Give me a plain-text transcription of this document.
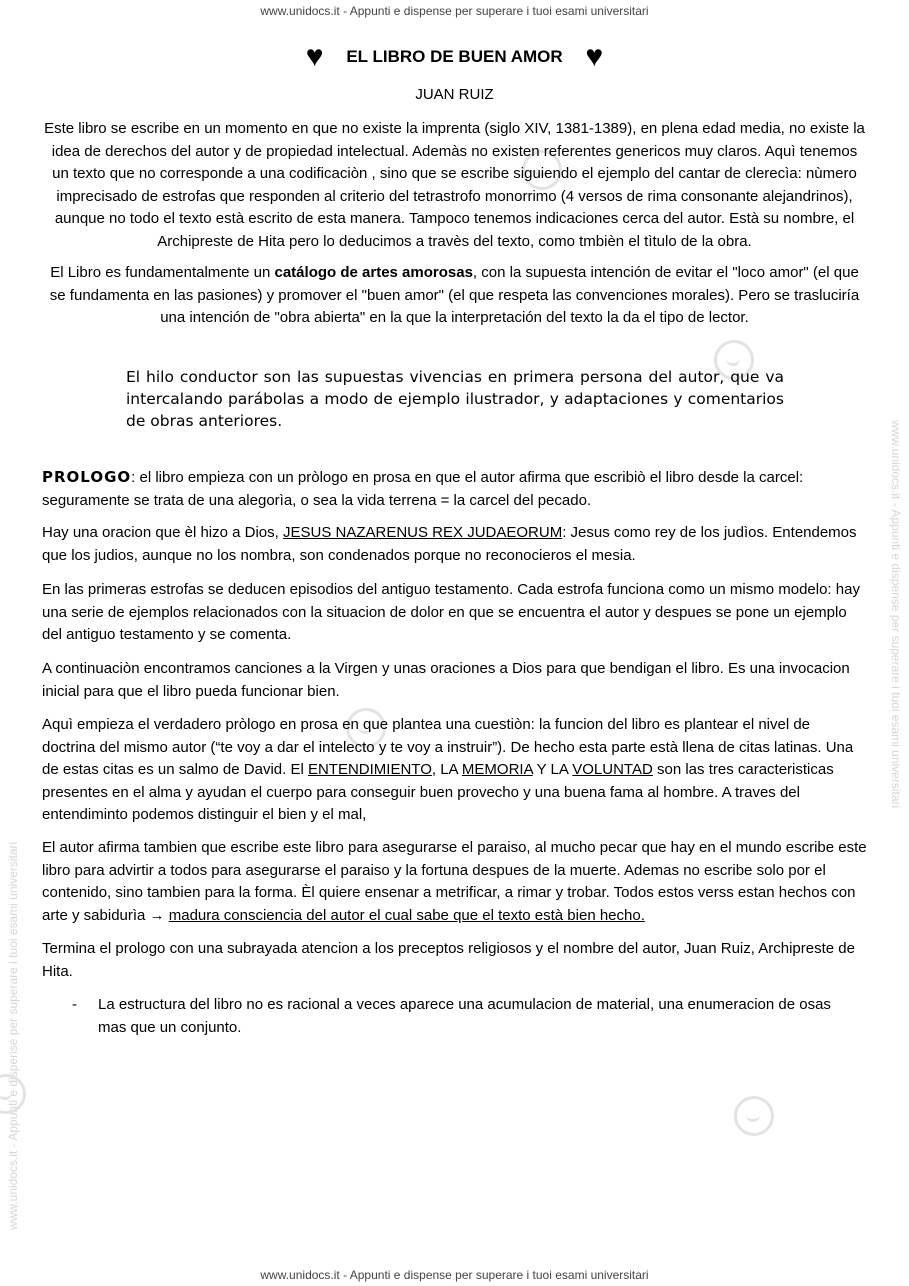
www.unidocs.it - Appunti e dispense per superare i tuoi esami universitari
www.unidocs.it - Appunti e dispense per superare i tuoi esami universitari
www.unidocs.it - Appunti e dispense per superare i tuoi esami universitari
♥ EL LIBRO DE BUEN AMOR ♥
JUAN RUIZ
Este libro se escribe en un momento en que no existe la imprenta (siglo XIV, 1381-1389), en plena edad media, no existe la idea de derechos del autor y de propiedad intelectual. Ademàs no existen referentes genericos muy claros. Aquì tenemos un texto que no corresponde a una codificaciòn , sino que se escribe siguiendo el ejemplo del cantar de clerecìa: nùmero imprecisado de estrofas que responden al criterio del tetrastrofo monorrimo (4 versos de rima consonante alejandrinos), aunque no todo el texto està escrito de esta manera. Tampoco tenemos indicaciones cerca del autor. Està su nombre, el Archipreste de Hita pero lo deducimos a travès del texto, como tmbièn el tìtulo de la obra.
El Libro es fundamentalmente un catálogo de artes amorosas, con la supuesta intención de evitar el "loco amor" (el que se fundamenta en las pasiones) y promover el "buen amor" (el que respeta las convenciones morales). Pero se trasluciría una intención de "obra abierta" en la que la interpretación del texto la da el tipo de lector.
El hilo conductor son las supuestas vivencias en primera persona del autor, que va intercalando parábolas a modo de ejemplo ilustrador, y adaptaciones y comentarios de obras anteriores.
PROLOGO: el libro empieza con un pròlogo en prosa en que el autor afirma que escribiò el libro desde la carcel: seguramente se trata de una alegorìa, o sea la vida terrena = la carcel del pecado.
Hay una oracion que èl hizo a Dios, JESUS NAZARENUS REX JUDAEORUM: Jesus como rey de los judìos. Entendemos que los judios, aunque no los nombra, son condenados porque no reconocieros el mesia.
En las primeras estrofas se deducen episodios del antiguo testamento. Cada estrofa funciona como un mismo modelo: hay una serie de ejemplos relacionados con la situacion de dolor en que se encuentra el autor y despues se pone un ejemplo del antiguo testamento y se comenta.
A continuaciòn encontramos canciones a la Virgen y unas oraciones a Dios para que bendigan el libro. Es una invocacion inicial para que el libro pueda funcionar bien.
Aquì empieza el verdadero pròlogo en prosa en que plantea una cuestiòn: la funcion del libro es plantear el nivel de doctrina del mismo autor (“te voy a dar el intelecto y te voy a instruir”). De hecho esta parte està llena de citas latinas. Una de estas citas es un salmo de David. El ENTENDIMIENTO, LA MEMORIA Y LA VOLUNTAD son las tres caracteristicas presentes en el alma y ayudan el cuerpo para conseguir buen provecho y una buena fama al hombre. A traves del entendiminto podemos distinguir el bien y el mal,
El autor afirma tambien que escribe este libro para asegurarse el paraiso, al mucho pecar que hay en el mundo escribe este libro para advirtir a todos para asegurarse el paraiso y la fortuna despues de la muerte. Ademas no escribe solo por el contenido, sino tambien para la forma. Èl quiere ensenar a metrificar, a rimar y trobar. Todos estos verss estan hechos con arte y sabidurìa → madura consciencia del autor el cual sabe que el texto està bien hecho.
Termina el prologo con una subrayada atencion a los preceptos religiosos y el nombre del autor, Juan Ruiz, Archipreste de Hita.
- La estructura del libro no es racional a veces aparece una acumulacion de material, una enumeracion de osas mas que un conjunto.
www.unidocs.it - Appunti e dispense per superare i tuoi esami universitari
